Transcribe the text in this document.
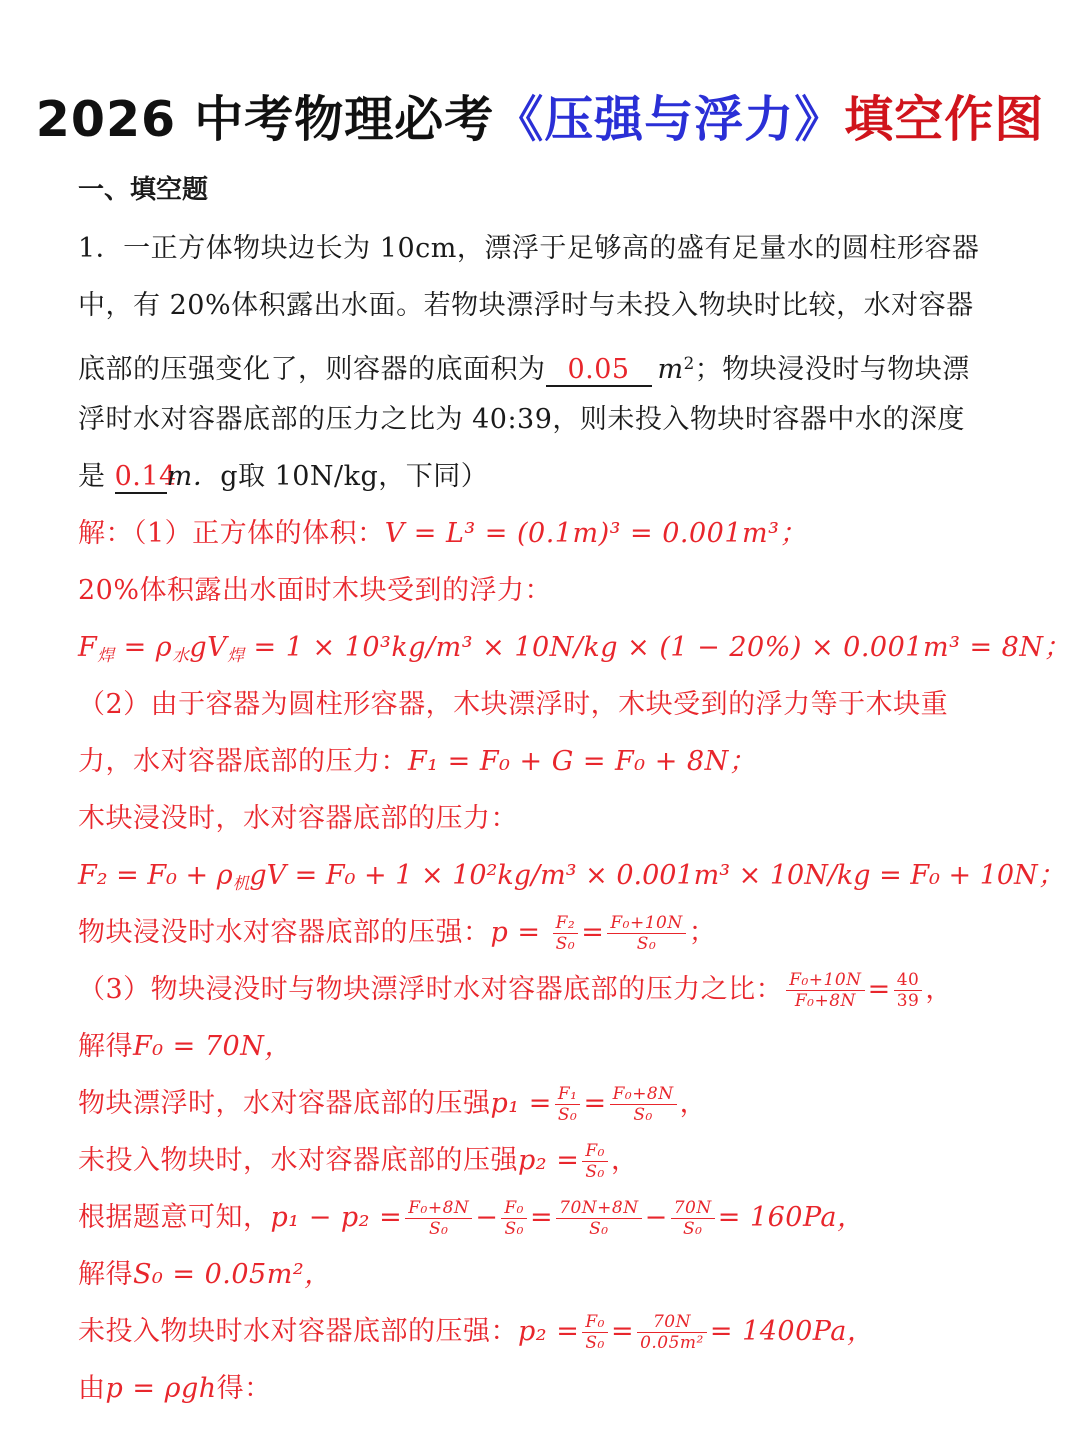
2026 中考物理必考《压强与浮力》填空作图
一、填空题
1．一正方体物块边长为 10cm，漂浮于足够高的盛有足量水的圆柱形容器
中，有 20%体积露出水面。若物块漂浮时与未投入物块时比较，水对容器
底部的压强变化了，则容器的底面积为 0.05 $m^2$；物块浸没时与物块漂
浮时水对容器底部的压力之比为 40:39，则未投入物块时容器中水的深度
是 0.14m．g取 10N/kg，下同）
解：（1）正方体的体积：V = L³ = (0.1m)³ = 0.001m³；
20%体积露出水面时木块受到的浮力：
$F_焊 = \rho_水gV_焊 = 1 \times 10^3kg/m^3 \times 10N/kg \times (1 - 20\%) \times 0.001m^3 = 8N$；
（2）由于容器为圆柱形容器，木块漂浮时，木块受到的浮力等于木块重
力，水对容器底部的压力：F₁ = F₀ + G = F₀ + 8N；
木块浸没时，水对容器底部的压力：
$F_2 = F_0 + \rho_机gV = F_0 + 1 \times 10^2kg/m^3 \times 0.001m^3 \times 10N/kg = F_0 + 10N$；
物块浸没时水对容器底部的压强：$p = \frac{\text{F₂}}{\text{S₀}} = \frac{\text{F₀+10N}}{\text{S₀}}$ ；
（3）物块浸没时与物块漂浮时水对容器底部的压力之比： $\frac{\text{F₀+10N}}{\text{F₀+8N}} = \frac{40}{39}$ ，
解得F₀ = 70N，
物块漂浮时，水对容器底部的压强$p_1 = \frac{\text{F₁}}{\text{S₀}} = \frac{\text{F₀+8N}}{\text{S₀}}$ ，
未投入物块时，水对容器底部的压强$p_2 = \frac{\text{F₀}}{\text{S₀}}$ ，
根据题意可知，$p_1 - p_2 = \frac{\text{F₀+8N}}{\text{S₀}} - \frac{\text{F₀}}{\text{S₀}} = \frac{70N+8N}{\text{S₀}} - \frac{70N}{\text{S₀}} = 160Pa$，
解得S₀ = 0.05m²，
未投入物块时水对容器底部的压强：$p_2 = \frac{\text{F₀}}{\text{S₀}} = \frac{70N}{\text{0.05m²}} = 1400Pa$，
由p = ρgh得：
